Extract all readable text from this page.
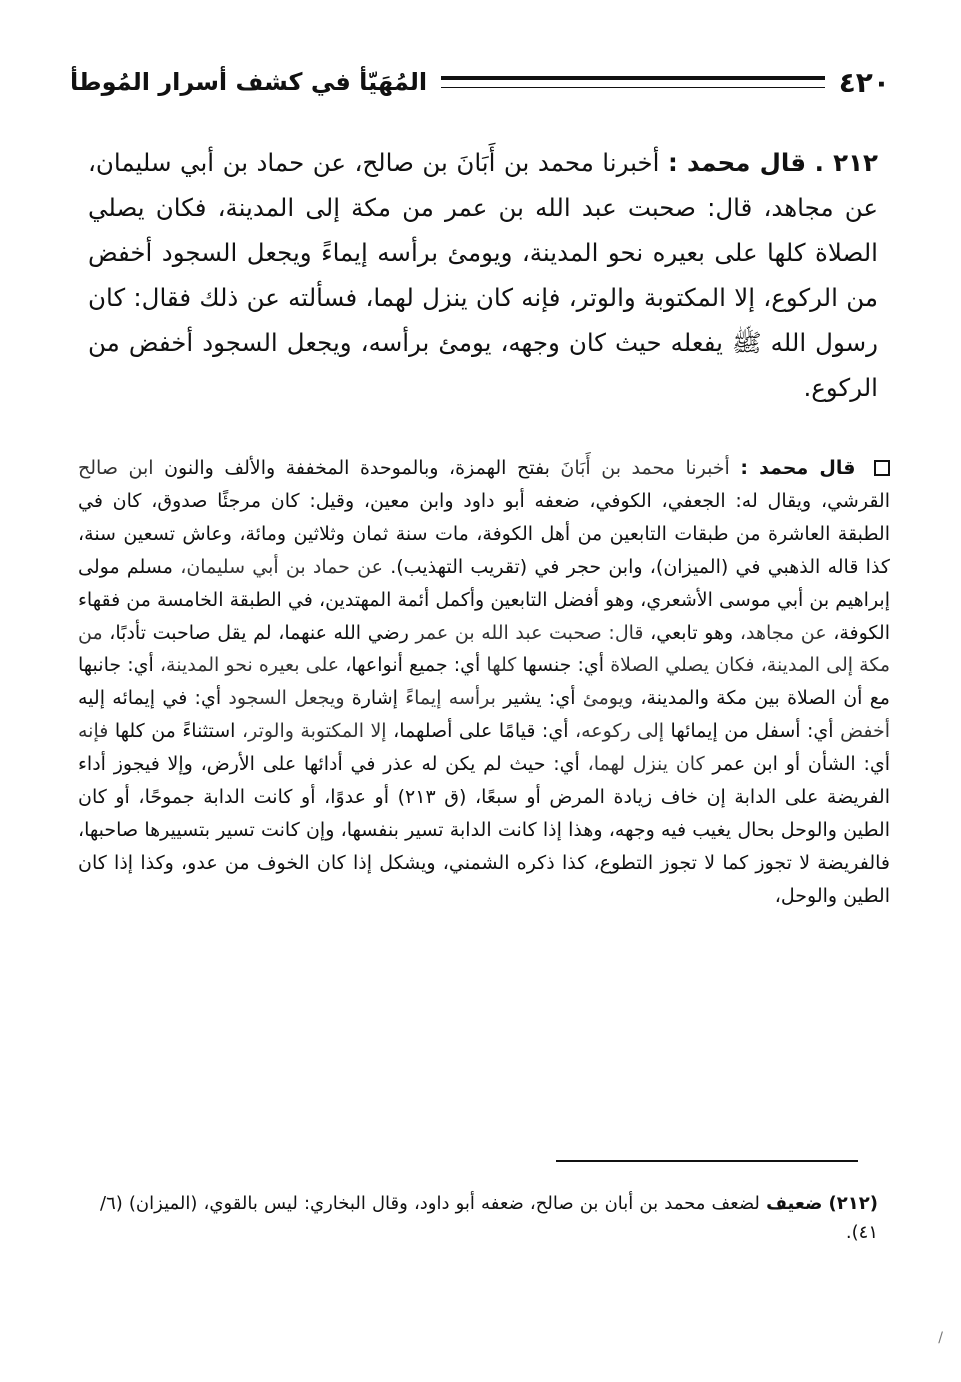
٤٢٠
المُهَيّأ في كشف أسرار المُوطأ
٢١٢ . قال محمد : أخبرنا محمد بن أَبَانَ بن صالح، عن حماد بن أبي سليمان، عن مجاهد، قال: صحبت عبد الله بن عمر من مكة إلى المدينة، فكان يصلي الصلاة كلها على بعيره نحو المدينة، ويومئ برأسه إيماءً ويجعل السجود أخفض من الركوع، إلا المكتوبة والوتر، فإنه كان ينزل لهما، فسألته عن ذلك فقال: كان رسول الله ﷺ يفعله حيث كان وجهه، يومئ برأسه، ويجعل السجود أخفض من الركوع.
قال محمد : أخبرنا محمد بن أَبَانَ بفتح الهمزة، وبالموحدة المخففة والألف والنون ابن صالح القرشي، ويقال له: الجعفي، الكوفي، ضعفه أبو داود وابن معين، وقيل: كان مرجئًا صدوق، كان في الطبقة العاشرة من طبقات التابعين من أهل الكوفة، مات سنة ثمان وثلاثين ومائة، وعاش تسعين سنة، كذا قاله الذهبي في (الميزان)، وابن حجر في (تقريب التهذيب). عن حماد بن أبي سليمان، مسلم مولى إبراهيم بن أبي موسى الأشعري، وهو أفضل التابعين وأكمل أئمة المهتدين، في الطبقة الخامسة من فقهاء الكوفة، عن مجاهد، وهو تابعي، قال: صحبت عبد الله بن عمر رضي الله عنهما، لم يقل صاحبت تأدبًا، من مكة إلى المدينة، فكان يصلي الصلاة أي: جنسها كلها أي: جميع أنواعها، على بعيره نحو المدينة، أي: جانبها مع أن الصلاة بين مكة والمدينة، ويومئ أي: يشير برأسه إيماءً إشارة ويجعل السجود أي: في إيمائه إليه أخفض أي: أسفل من إيمائها إلى ركوعه، أي: قيامًا على أصلهما، إلا المكتوبة والوتر، استثناءً من كلها فإنه أي: الشأن أو ابن عمر كان ينزل لهما، أي: حيث لم يكن له عذر في أدائها على الأرض، وإلا فيجوز أداء الفريضة على الدابة إن خاف زيادة المرض أو سبعًا، (ق ٢١٣) أو عدوًا، أو كانت الدابة جموحًا، أو كان الطين والوحل بحال يغيب فيه وجهه، وهذا إذا كانت الدابة تسير بنفسها، وإن كانت تسير بتسييرها صاحبها، فالفريضة لا تجوز كما لا تجوز التطوع، كذا ذكره الشمني، ويشكل إذا كان الخوف من عدو، وكذا إذا كان الطين والوحل،
(٢١٢) ضعيف لضعف محمد بن أبان بن صالح، ضعفه أبو داود، وقال البخاري: ليس بالقوي، (الميزان) (٦/ ٤١).
/
